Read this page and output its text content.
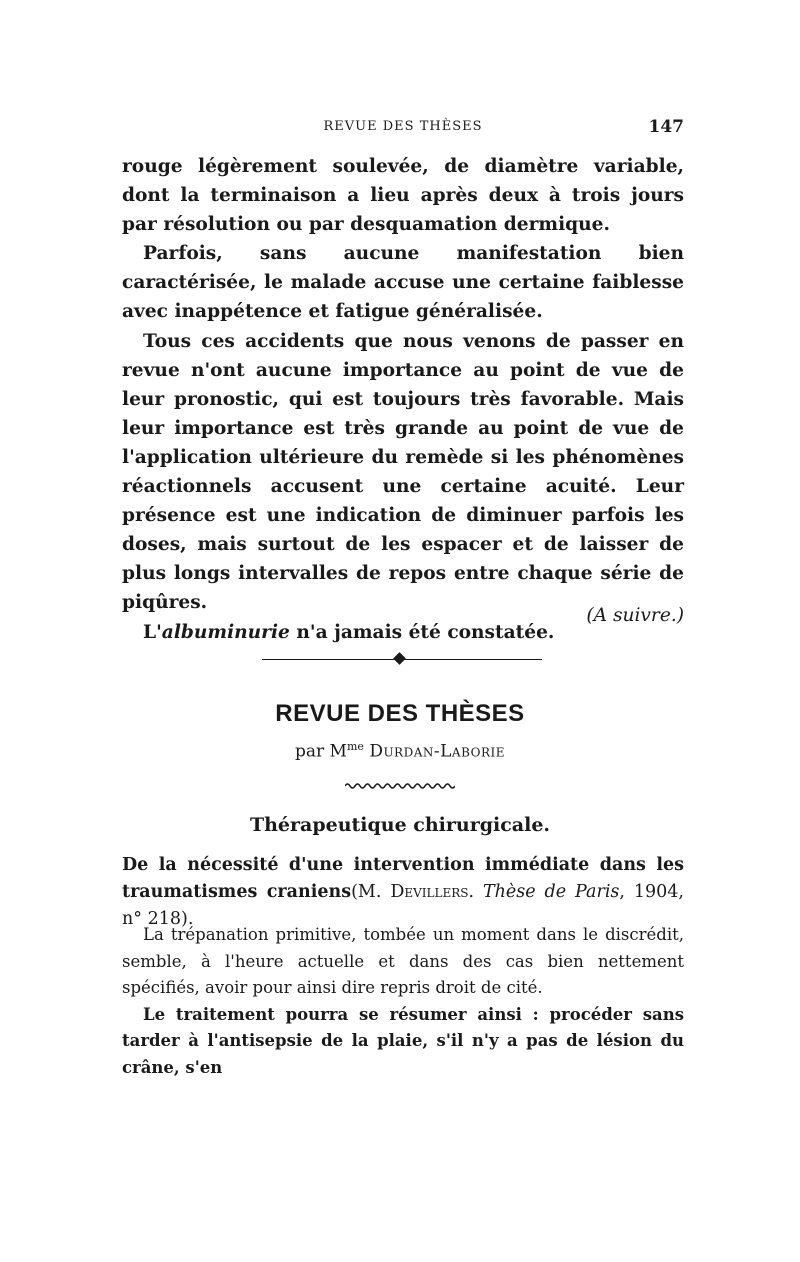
REVUE DES THÈSES	147

rouge légèrement soulevée, de diamètre variable, dont la terminaison a lieu après deux à trois jours par résolution ou par desquamation dermique.

Parfois, sans aucune manifestation bien caractérisée, le malade accuse une certaine faiblesse avec inappétence et fatigue généralisée.

Tous ces accidents que nous venons de passer en revue n'ont aucune importance au point de vue de leur pronostic, qui est toujours très favorable. Mais leur importance est très grande au point de vue de l'application ultérieure du remède si les phénomènes réactionnels accusent une certaine acuité. Leur présence est une indication de diminuer parfois les doses, mais surtout de les espacer et de laisser de plus longs intervalles de repos entre chaque série de piqûres.

L'albuminurie n'a jamais été constatée.

(A suivre.)
REVUE DES THÈSES
par $M^{me}$ Durdan-Laborie
Thérapeutique chirurgicale.

De la nécessité d'une intervention immédiate dans les traumatismes craniens(M. Devillers. Thèse de Paris, 1904, n° 218).

La trépanation primitive, tombée un moment dans le discrédit, semble, à l'heure actuelle et dans des cas bien nettement spécifiés, avoir pour ainsi dire repris droit de cité.

Le traitement pourra se résumer ainsi : procéder sans tarder à l'antisepsie de la plaie, s'il n'y a pas de lésion du crâne, s'en
